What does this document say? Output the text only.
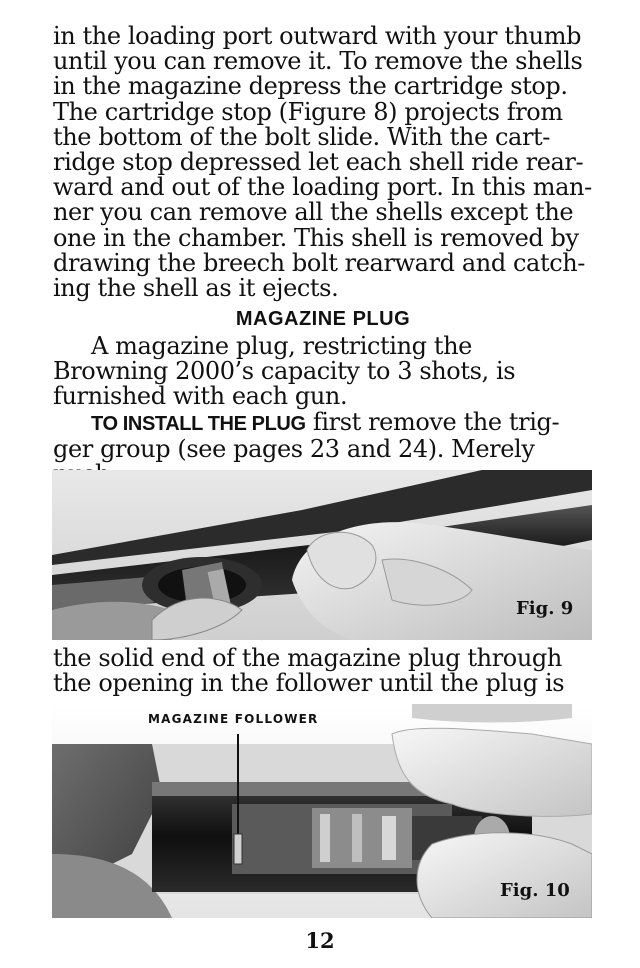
in the loading port outward with your thumb until you can remove it. To remove the shells in the magazine depress the cartridge stop. The cartridge stop (Figure 8) projects from the bottom of the bolt slide. With the cart-ridge stop depressed let each shell ride rear-ward and out of the loading port. In this man-ner you can remove all the shells except the one in the chamber. This shell is removed by drawing the breech bolt rearward and catch-ing the shell as it ejects.

MAGAZINE PLUG

A magazine plug, restricting the Browning 2000’s capacity to 3 shots, is furnished with each gun.

TO INSTALL THE PLUG first remove the trig-ger group (see pages 23 and 24). Merely

Fig. 9

the solid end of the magazine plug through the opening in the follower until the plug is

MAGAZINE FOLLOWER
Fig. 10
12
